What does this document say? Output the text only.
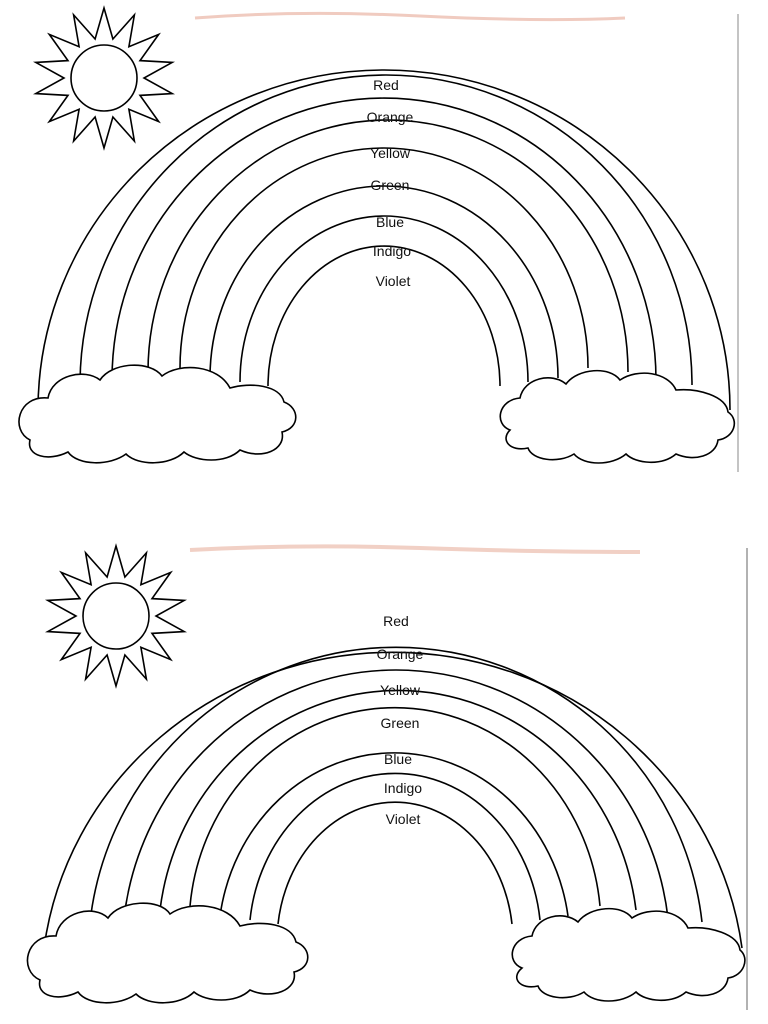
Red
Orange
Yellow
Green
Blue
Indigo
Violet
Red
Orange
Yellow
Green
Blue
Indigo
Violet
